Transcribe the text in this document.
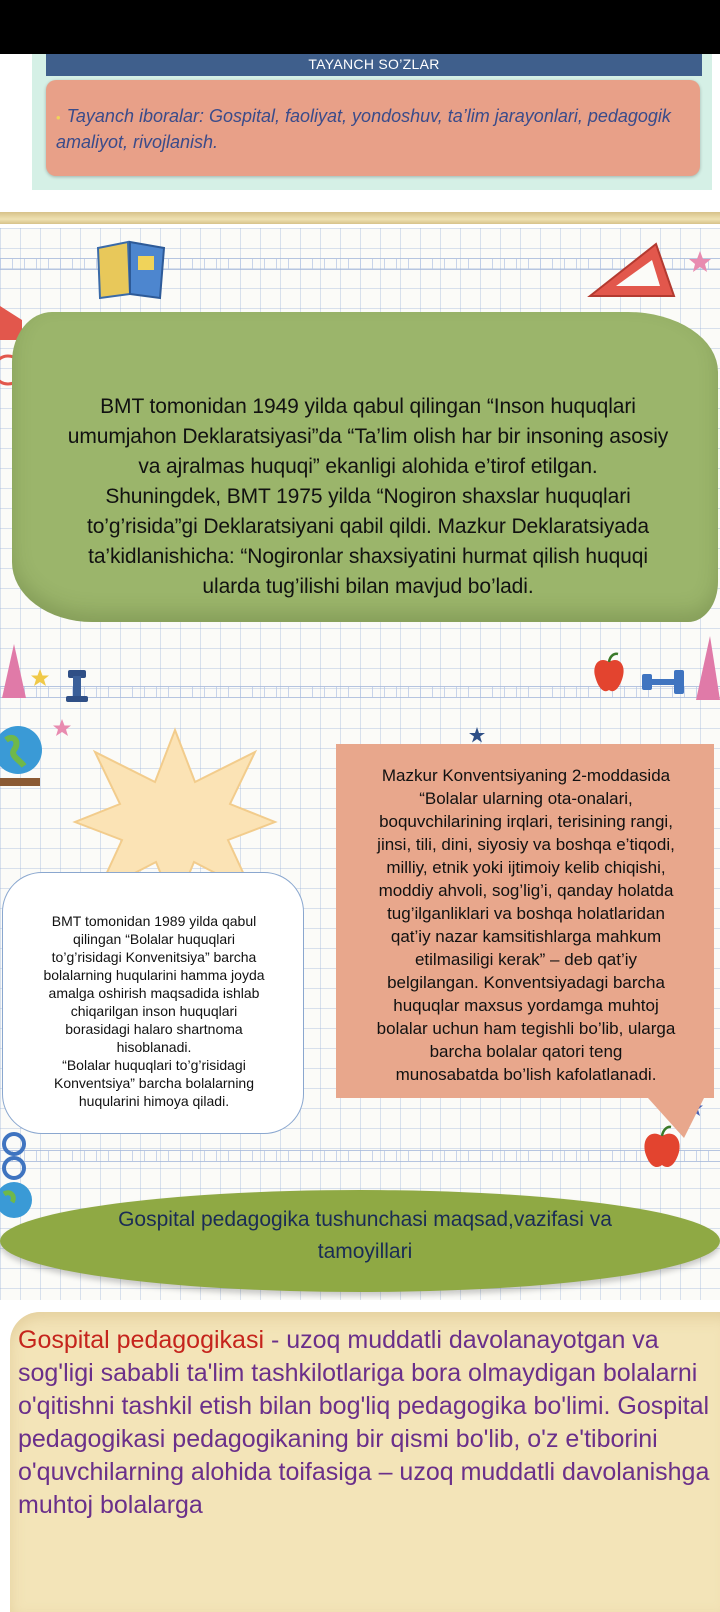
TAYANCH SO’ZLAR
• Tayanch iboralar: Gospital, faoliyat, yondoshuv, ta’lim jarayonlari, pedagogik amaliyot, rivojlanish.
BMT tomonidan 1949 yilda qabul qilingan “Inson huquqlari
umumjahon Deklaratsiyasi”da “Ta’lim olish har bir insoning asosiy
va ajralmas huquqi” ekanligi alohida e’tirof etilgan.
Shuningdek, BMT 1975 yilda “Nogiron shaxslar huquqlari
to’g’risida”gi Deklaratsiyani qabil qildi. Mazkur Deklaratsiyada
ta’kidlanishicha: “Nogironlar shaxsiyatini hurmat qilish huquqi
ularda tug’ilishi bilan mavjud bo’ladi.
BMT tomonidan 1989 yilda qabul
qilingan “Bolalar huquqlari
to’g’risidagi Konvenitsiya” barcha
bolalarning huqularini hamma joyda
amalga oshirish maqsadida ishlab
chiqarilgan inson huquqlari
borasidagi halaro shartnoma
hisoblanadi.
“Bolalar huquqlari to’g’risidagi
Konventsiya” barcha bolalarning
huqularini himoya qiladi.
Mazkur Konventsiyaning 2-moddasida
“Bolalar ularning ota-onalari,
boquvchilarining irqlari, terisining rangi,
jinsi, tili, dini, siyosiy va boshqa e’tiqodi,
milliy, etnik yoki ijtimoiy kelib chiqishi,
moddiy ahvoli, sog’lig’i, qanday holatda
tug’ilganliklari va boshqa holatlaridan
qat’iy nazar kamsitishlarga mahkum
etilmasiligi kerak” – deb qat’iy
belgilangan. Konventsiyadagi barcha
huquqlar maxsus yordamga muhtoj
bolalar uchun ham tegishli bo’lib, ularga
barcha bolalar qatori teng
munosabatda bo’lish kafolatlanadi.
Gospital pedagogika tushunchasi maqsad,vazifasi va
tamoyillari
Gospital pedagogikasi - uzoq muddatli davolanayotgan va sog'ligi sababli ta'lim tashkilotlariga bora olmaydigan bolalarni o'qitishni tashkil etish bilan bog'liq pedagogika bo'limi. Gospital pedagogikasi pedagogikaning bir qismi bo'lib, o'z e'tiborini o'quvchilarning alohida toifasiga – uzoq muddatli davolanishga muhtoj bolalarga
